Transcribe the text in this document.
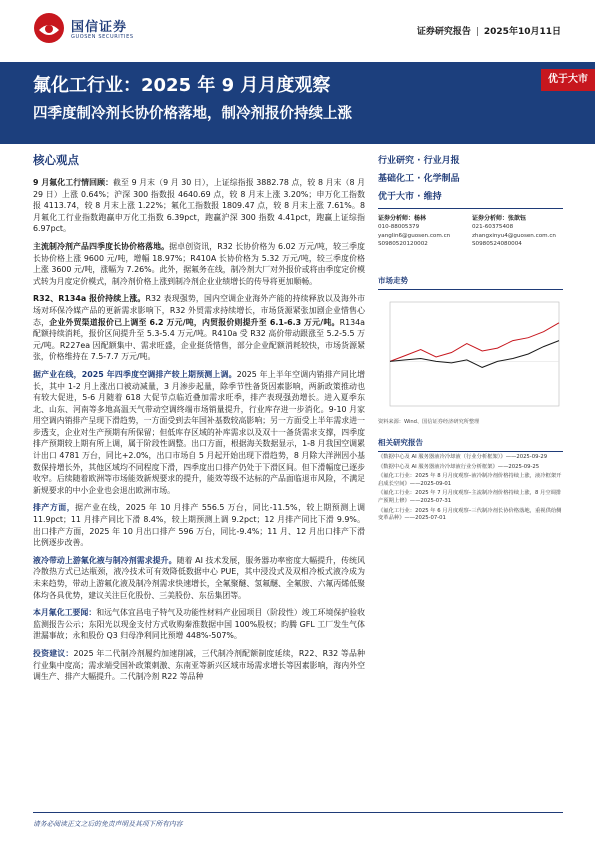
国信证券
GUOSEN SECURITIES	证券研究报告 | 2025年10月11日
氟化工行业：2025 年 9 月月度观察
四季度制冷剂长协价格落地，制冷剂报价持续上涨
优于大市
核心观点

9 月氟化工行情回顾：截至 9 月末（9 月 30 日），上证综指报 3882.78 点，较 8 月末（8 月 29 日）上涨 0.64%；沪深 300 指数报 4640.69 点，较 8 月末上涨 3.20%；申万化工指数报 4113.74，较 8 月末上涨 1.22%；氟化工指数报 1809.47 点，较 8 月末上涨 7.61%。8 月氟化工行业指数跑赢申万化工指数 6.39pct，跑赢沪深 300 指数 4.41pct，跑赢上证综指 6.97pct。

主流制冷剂产品四季度长协价格落地。据卓创资讯，R32 长协价格为 6.02 万元/吨，较三季度长协价格上涨 9600 元/吨，增幅 18.97%；R410A 长协价格为 5.32 万元/吨，较三季度价格上涨 3600 元/吨，涨幅为 7.26%。此外，据氟务在线，制冷剂大厂对外报价或将由季度定价模式转为月度定价模式，制冷剂价格上涨到制冷剂企业业绩增长的传导将更加顺畅。

R32、R134a 报价持续上涨。R32 表现强势，国内空调企业海外产能的持续释放以及海外市场对环保冷媒产品的更新需求影响下，R32 外贸需求持续增长，市场货源紧张加剧企业惜售心态，企业外贸渠道报价已上调至 6.2 万元/吨，内贸报价则提升至 6.1-6.3 万元/吨。R134a 配额持续消耗，报价区间提升至 5.3-5.4 万元/吨。R410a 受 R32 高价带动跟涨至 5.2-5.5 万元/吨。R227ea 因配额集中、需求旺盛，企业挺货惜售，部分企业配额消耗较快，市场货源紧张，价格维持在 7.5-7.7 万元/吨。

据产业在线，2025 年四季度空调排产较上期预测上调。2025 年上半年空调内销排产同比增长，其中 1-2 月上涨出口被动减量，3 月渗步起量，除季节性备货因素影响，两新政策推动也有较大促进，5-6 月随着 618 大促节点临近叠加需求旺季，排产表现强劲增长。进入夏季东北、山东、河南等多地高温天气带动空调终端市场销量提升，行业库存进一步消化。9-10 月家用空调内销排产呈现下滑趋势，一方面受到去年国补基数较高影响；另一方面受上半年需求进一步透支，企业对生产预期有所保留；但低库存区域的补库需求以及双十一备货需求支撑，四季度排产预期较上期有所上调，属于阶段性调整。出口方面，根据海关数据显示，1-8 月我国空调累计出口 4781 万台，同比+2.0%，出口市场自 5 月起开始出现下滑趋势，8 月除大洋洲因小基数保持增长外，其他区域均不同程度下滑，四季度出口排产仍处于下滑区间。但下滑幅度已逐步收窄。后续随着欧洲等市场能效新规要求的提升，能效等级不达标的产品面临退市风险，不满足新规要求的中小企业也会退出欧洲市场。

排产方面，据产业在线，2025 年 10 月排产 556.5 万台，同比-11.5%，较上期预测上调 11.9pct；11 月排产同比下滑 8.4%，较上期预测上调 9.2pct；12 月排产同比下滑 9.9%。出口排产方面，2025 年 10 月出口排产 596 万台，同比-9.4%；11 月、12 月出口排产下滑比例逐步改善。

液冷带动上游氟化液与制冷剂需求提升。随着 AI 技术发展，服务器功率密度大幅提升，传统风冷散热方式已达瓶颈，液冷技术可有效降低数据中心 PUE，其中浸没式及双相冷板式液冷成为未来趋势，带动上游氟化液及制冷剂需求快速增长，全氟聚醚、氢氟醚、全氟胺、六氟丙烯低聚体均各具优势，建议关注巨化股份、三美股份、东岳集团等。

本月氟化工要闻：和远气体宜昌电子特气及功能性材料产业园项目（阶段性）竣工环境保护验收监测报告公示；东阳光以现金支付方式收购秦淮数据中国 100%股权；昀腾 GFL 工厂发生气体泄漏事故；永和股份 Q3 归母净利同比预增 448%-507%。

投资建议：2025 年二代制冷剂履约加速削减，三代制冷剂配额制度延续，R22、R32 等品种行业集中度高；需求端受国补政策刺激、东南亚等新兴区域市场需求增长等因素影响，海内外空调生产、排产大幅提升。二代制冷剂 R22 等品种

行业研究 · 行业月报
基础化工 · 化学制品
优于大市 · 维持
证券分析师：杨林
010-88005379
yanglin6@guosen.com.cn
S0980520120002
证券分析师：张歆钰
021-60375408
zhangxinyu4@guosen.com.cn
S0980524080004
市场走势
资料来源：Wind、国信证券经济研究所整理
相关研究报告
《数据中心及 AI 服务器液冷冷却液（行业分析框架）》——2025-09-29
《数据中心及 AI 服务器液冷冷却液行业分析框架》——2025-09-25
《氟化工行业：2025 年 8 月月度观察–液冷制冷剂价格持续上涨，液冷框架开启成长空间》——2025-09-01
《氟化工行业：2025 年 7 月月度观察–主流制冷剂价格持续上涨，8 月空调排产预期上修》——2025-07-31
《氟化工行业：2025 年 6 月月度观察–三代制冷剂长协价格落地，重视供给侧变革品种》——2025-07-01
请务必阅读正文之后的免责声明及其项下所有内容
